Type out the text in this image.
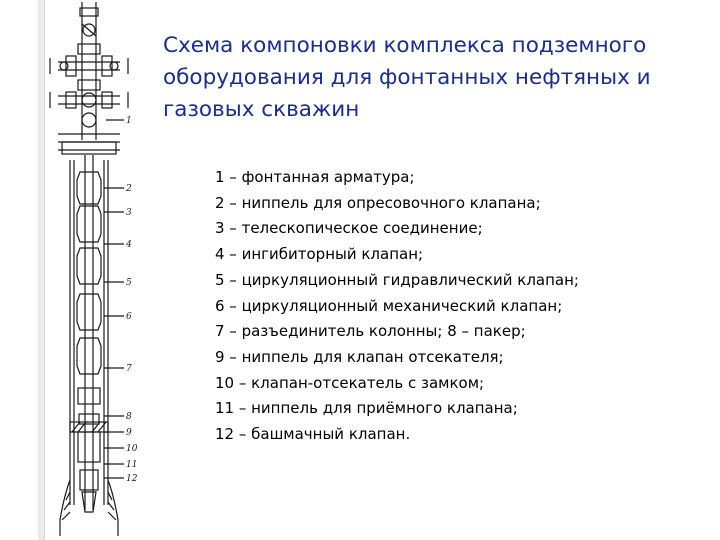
1
2
3
4
5
6
7
8
9
10
11
12
Схема компоновки комплекса подземного
оборудования для фонтанных нефтяных и
газовых скважин
1 – фонтанная арматура;
2 – ниппель для опресовочного клапана;
3 – телескопическое соединение;
4 – ингибиторный клапан;
5 – циркуляционный гидравлический клапан;
6 – циркуляционный механический клапан;
7 – разъединитель колонны; 8 – пакер;
9 – ниппель для клапан отсекателя;
10 – клапан-отсекатель с замком;
11 – ниппель для приёмного клапана;
12 – башмачный клапан.
